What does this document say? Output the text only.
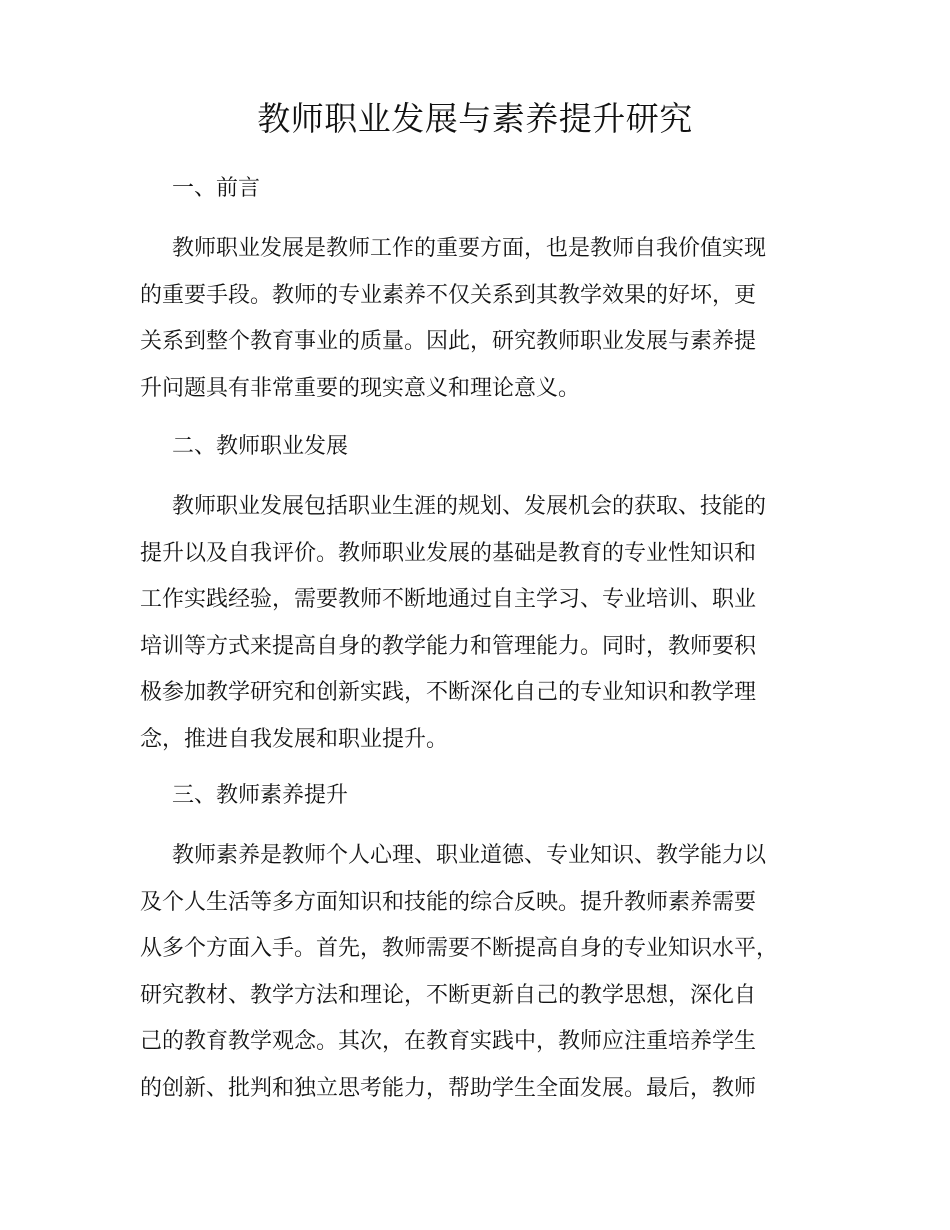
教师职业发展与素养提升研究
一、前言

教师职业发展是教师工作的重要方面，也是教师自我价值实现
的重要手段。教师的专业素养不仅关系到其教学效果的好坏，更
关系到整个教育事业的质量。因此，研究教师职业发展与素养提
升问题具有非常重要的现实意义和理论意义。

二、教师职业发展

教师职业发展包括职业生涯的规划、发展机会的获取、技能的
提升以及自我评价。教师职业发展的基础是教育的专业性知识和
工作实践经验，需要教师不断地通过自主学习、专业培训、职业
培训等方式来提高自身的教学能力和管理能力。同时，教师要积
极参加教学研究和创新实践，不断深化自己的专业知识和教学理
念，推进自我发展和职业提升。

三、教师素养提升

教师素养是教师个人心理、职业道德、专业知识、教学能力以
及个人生活等多方面知识和技能的综合反映。提升教师素养需要
从多个方面入手。首先，教师需要不断提高自身的专业知识水平，
研究教材、教学方法和理论，不断更新自己的教学思想，深化自
己的教育教学观念。其次，在教育实践中，教师应注重培养学生
的创新、批判和独立思考能力，帮助学生全面发展。最后，教师
